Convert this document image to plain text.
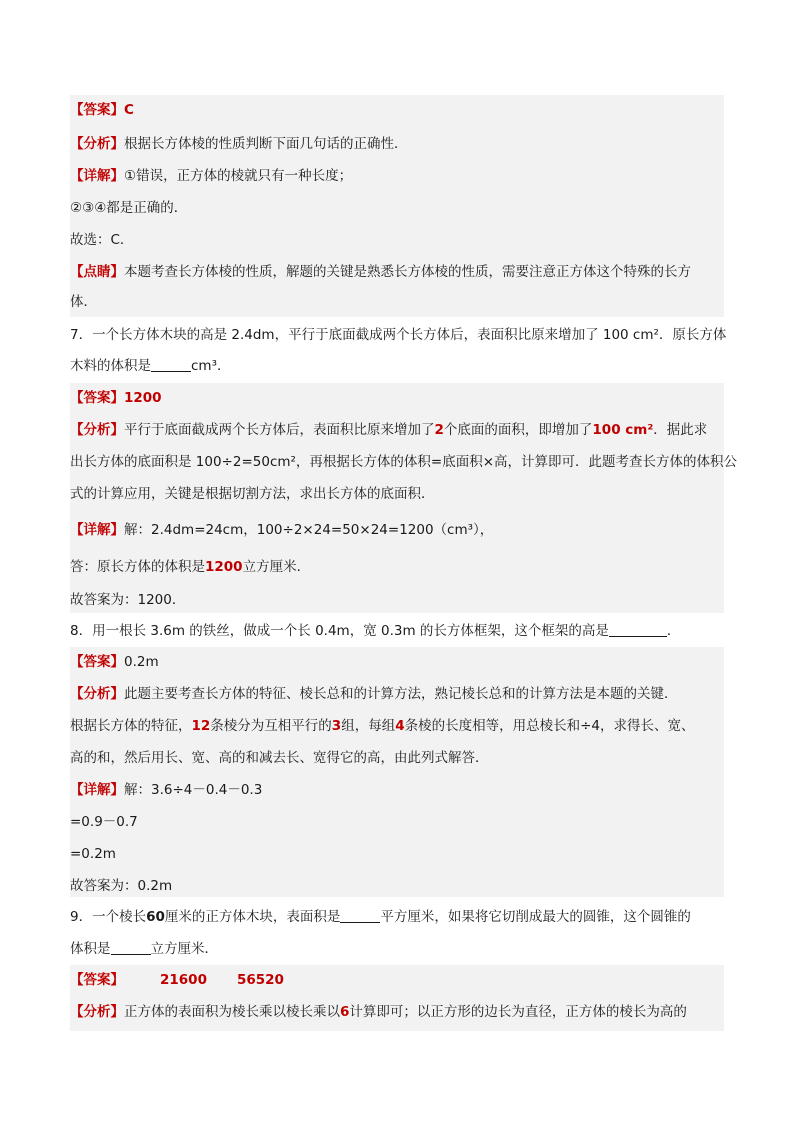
【答案】C
【分析】根据长方体棱的性质判断下面几句话的正确性．
【详解】①错误，正方体的棱就只有一种长度；
②③④都是正确的．
故选：C．
【点睛】本题考查长方体棱的性质，解题的关键是熟悉长方体棱的性质，需要注意正方体这个特殊的长方
体．
7．一个长方体木块的高是 2.4dm，平行于底面截成两个长方体后，表面积比原来增加了 100 cm²．原长方体
木料的体积是	cm³．
【答案】1200
【分析】平行于底面截成两个长方体后，表面积比原来增加了2个底面的面积，即增加了100 cm²．据此求
出长方体的底面积是 100÷2=50cm²，再根据长方体的体积=底面积×高，计算即可．此题考查长方体的体积公
式的计算应用，关键是根据切割方法，求出长方体的底面积．
【详解】解：2.4dm=24cm，100÷2×24=50×24=1200（cm³），
答：原长方体的体积是1200立方厘米．
故答案为：1200．
8．用一根长 3.6m 的铁丝，做成一个长 0.4m，宽 0.3m 的长方体框架，这个框架的高是	．
【答案】0.2m
【分析】此题主要考查长方体的特征、棱长总和的计算方法，熟记棱长总和的计算方法是本题的关键．
根据长方体的特征，12条棱分为互相平行的3组，每组4条棱的长度相等，用总棱长和÷4，求得长、宽、
高的和，然后用长、宽、高的和减去长、宽得它的高，由此列式解答．
【详解】解：3.6÷4－0.4－0.3
=0.9－0.7
=0.2m
故答案为：0.2m
9．一个棱长60厘米的正方体木块，表面积是	平方厘米，如果将它切削成最大的圆锥，这个圆锥的
体积是	立方厘米．
【答案】	21600 56520
【分析】正方体的表面积为棱长乘以棱长乘以6计算即可；以正方形的边长为直径，正方体的棱长为高的
